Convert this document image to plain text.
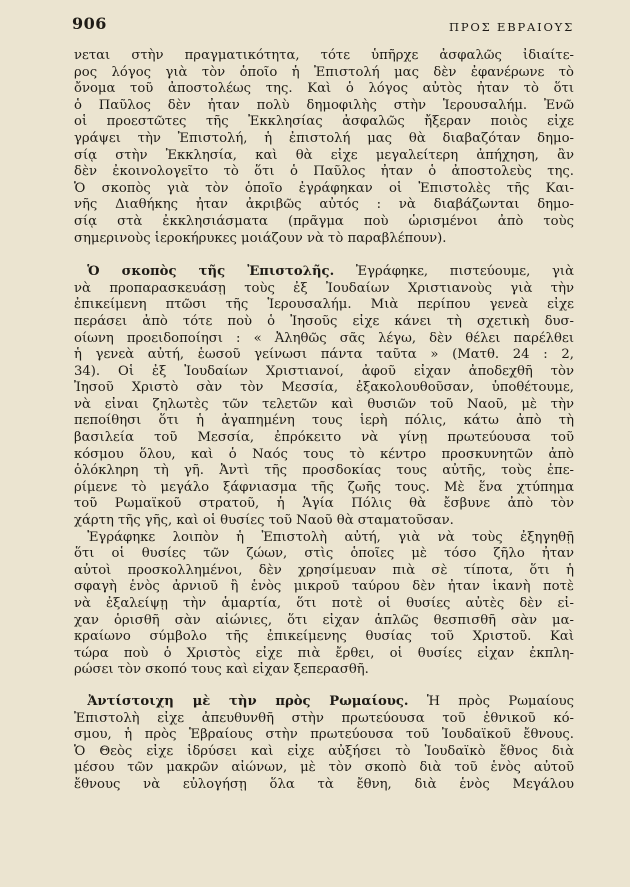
906	ΠΡΟΣ ΕΒΡΑΙΟΥΣ
νεται στὴν πραγματικότητα, τότε ὑπῆρχε ἀσφαλῶς ἰδιαίτε-
ρος λόγος γιὰ τὸν ὁποῖο ἡ Ἐπιστολή μας δὲν ἐφανέρωνε τὸ
ὄνομα τοῦ ἀποστολέως της. Καὶ ὁ λόγος αὐτὸς ἦταν τὸ ὅτι
ὁ Παῦλος δὲν ἦταν πολὺ δημοφιλὴς στὴν Ἱερουσαλήμ. Ἐνῶ
οἱ προεστῶτες τῆς Ἐκκλησίας ἀσφαλῶς ἤξεραν ποιὸς εἶχε
γράψει τὴν Ἐπιστολή, ἡ ἐπιστολή μας θὰ διαβαζόταν δημο-
σίᾳ στὴν Ἐκκλησία, καὶ θὰ εἶχε μεγαλείτερη ἀπήχηση, ἂν
δὲν ἐκοινολογεῖτο τὸ ὅτι ὁ Παῦλος ἦταν ὁ ἀποστολεὺς της.
Ὁ σκοπὸς γιὰ τὸν ὁποῖο ἐγράφηκαν οἱ Ἐπιστολὲς τῆς Και-
νῆς Διαθήκης ἦταν ἀκριβῶς αὐτός : νὰ διαβάζωνται δημο-
σίᾳ στὰ ἐκκλησιάσματα (πρᾶγμα ποὺ ὡρισμένοι ἀπὸ τοὺς
σημερινοὺς ἱεροκήρυκες μοιάζουν νὰ τὸ παραβλέπουν).
 Ὁ σκοπὸς τῆς Ἐπιστολῆς. Ἐγράφηκε, πιστεύουμε, γιὰ
νὰ προπαρασκευάσῃ τοὺς ἐξ Ἰουδαίων Χριστιανοὺς γιὰ τὴν
ἐπικείμενη πτῶσι τῆς Ἱερουσαλήμ. Μιὰ περίπου γενεὰ εἶχε
περάσει ἀπὸ τότε ποὺ ὁ Ἰησοῦς εἶχε κάνει τὴ σχετικὴ δυσ-
οίωνη προειδοποίησι : « Ἀληθῶς σᾶς λέγω, δὲν θέλει παρέλθει
ἡ γενεὰ αὐτή, ἑωσοῦ γείνωσι πάντα ταῦτα » (Ματθ. 24 : 2,
34). Οἱ ἐξ Ἰουδαίων Χριστιανοί, ἀφοῦ εἶχαν ἀποδεχθῆ τὸν
Ἰησοῦ Χριστὸ σὰν τὸν Μεσσία, ἐξακολουθοῦσαν, ὑποθέτουμε,
νὰ εἶναι ζηλωτὲς τῶν τελετῶν καὶ θυσιῶν τοῦ Ναοῦ, μὲ τὴν
πεποίθησι ὅτι ἡ ἀγαπημένη τους ἱερὴ πόλις, κάτω ἀπὸ τὴ
βασιλεία τοῦ Μεσσία, ἐπρόκειτο νὰ γίνῃ πρωτεύουσα τοῦ
κόσμου ὅλου, καὶ ὁ Ναός τους τὸ κέντρο προσκυνητῶν ἀπὸ
ὁλόκληρη τὴ γῆ. Ἀντὶ τῆς προσδοκίας τους αὐτῆς, τοὺς ἐπε-
ρίμενε τὸ μεγάλο ξάφνιασμα τῆς ζωῆς τους. Μὲ ἕνα χτύπημα
τοῦ Ρωμαϊκοῦ στρατοῦ, ἡ Ἁγία Πόλις θὰ ἔσβυνε ἀπὸ τὸν
χάρτη τῆς γῆς, καὶ οἱ θυσίες τοῦ Ναοῦ θὰ σταματοῦσαν.
 Ἐγράφηκε λοιπὸν ἡ Ἐπιστολὴ αὐτή, γιὰ νὰ τοὺς ἐξηγηθῇ
ὅτι οἱ θυσίες τῶν ζώων, στὶς ὁποῖες μὲ τόσο ζῆλο ἦταν
αὐτοὶ προσκολλημένοι, δὲν χρησίμευαν πιὰ σὲ τίποτα, ὅτι ἡ
σφαγὴ ἑνὸς ἀρνιοῦ ἢ ἑνὸς μικροῦ ταύρου δὲν ἦταν ἱκανὴ ποτὲ
νὰ ἐξαλείψῃ τὴν ἁμαρτία, ὅτι ποτὲ οἱ θυσίες αὐτὲς δὲν εἶ-
χαν ὁρισθῆ σὰν αἰώνιες, ὅτι εἶχαν ἁπλῶς θεσπισθῆ σὰν μα-
κραίωνο σύμβολο τῆς ἐπικείμενης θυσίας τοῦ Χριστοῦ. Καὶ
τώρα ποὺ ὁ Χριστὸς εἶχε πιὰ ἔρθει, οἱ θυσίες εἶχαν ἐκπλη-
ρώσει τὸν σκοπό τους καὶ εἶχαν ξεπερασθῆ.
 Ἀντίστοιχη μὲ τὴν πρὸς Ρωμαίους. Ἡ πρὸς Ρωμαίους
Ἐπιστολὴ εἶχε ἀπευθυνθῆ στὴν πρωτεύουσα τοῦ ἐθνικοῦ κό-
σμου, ἡ πρὸς Ἑβραίους στὴν πρωτεύουσα τοῦ Ἰουδαϊκοῦ ἔθνους.
Ὁ Θεὸς εἶχε ἱδρύσει καὶ εἶχε αὐξήσει τὸ Ἰουδαϊκὸ ἔθνος διὰ
μέσου τῶν μακρῶν αἰώνων, μὲ τὸν σκοπὸ διὰ τοῦ ἑνὸς αὐτοῦ
ἔθνους νὰ εὐλογήσῃ ὅλα τὰ ἔθνη, διὰ ἑνὸς Μεγάλου
